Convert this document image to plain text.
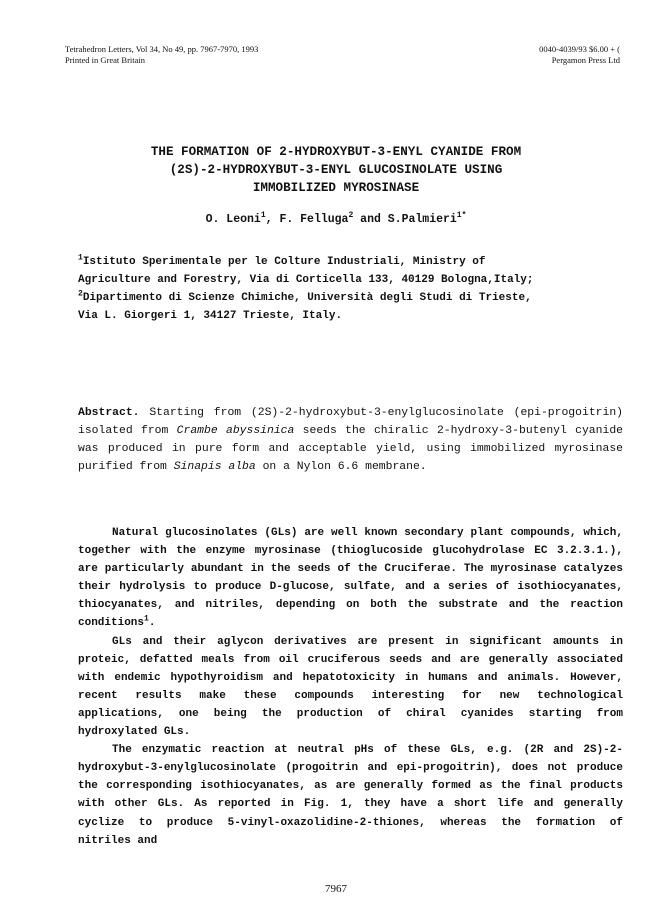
Tetrahedron Letters, Vol 34, No 49, pp. 7967-7970, 1993
Printed in Great Britain
0040-4039/93 $6.00 + (
Pergamon Press Ltd
THE FORMATION OF 2-HYDROXYBUT-3-ENYL CYANIDE FROM
(2S)-2-HYDROXYBUT-3-ENYL GLUCOSINOLATE USING
IMMOBILIZED MYROSINASE
O. Leoni$^1$, F. Felluga$^2$ and S.Palmieri$^{1*}$
$^1$Istituto Sperimentale per le Colture Industriali, Ministry of
Agriculture and Forestry, Via di Corticella 133, 40129 Bologna,Italy;
$^2$Dipartimento di Scienze Chimiche, Università degli Studi di Trieste,
Via L. Giorgeri 1, 34127 Trieste, Italy.
Abstract. Starting from (2S)-2-hydroxybut-3-enylglucosinolate (epi-progoitrin) isolated from Crambe abyssinica seeds the chiralic 2-hydroxy-3-butenyl cyanide was produced in pure form and acceptable yield, using immobilized myrosinase purified from Sinapis alba on a Nylon 6.6 membrane.

Natural glucosinolates (GLs) are well known secondary plant compounds, which, together with the enzyme myrosinase (thioglucoside glucohydrolase EC 3.2.3.1.), are particularly abundant in the seeds of the Cruciferae. The myrosinase catalyzes their hydrolysis to produce D-glucose, sulfate, and a series of isothiocyanates, thiocyanates, and nitriles, depending on both the substrate and the reaction conditions$^1$.

GLs and their aglycon derivatives are present in significant amounts in proteic, defatted meals from oil cruciferous seeds and are generally associated with endemic hypothyroidism and hepatotoxicity in humans and animals. However, recent results make these compounds interesting for new technological applications, one being the production of chiral cyanides starting from hydroxylated GLs.

The enzymatic reaction at neutral pHs of these GLs, e.g. (2R and 2S)-2-hydroxybut-3-enylglucosinolate (progoitrin and epi-progoitrin), does not produce the corresponding isothiocyanates, as are generally formed as the final products with other GLs. As reported in Fig. 1, they have a short life and generally cyclize to produce 5-vinyl-oxazolidine-2-thiones, whereas the formation of nitriles and

7967
